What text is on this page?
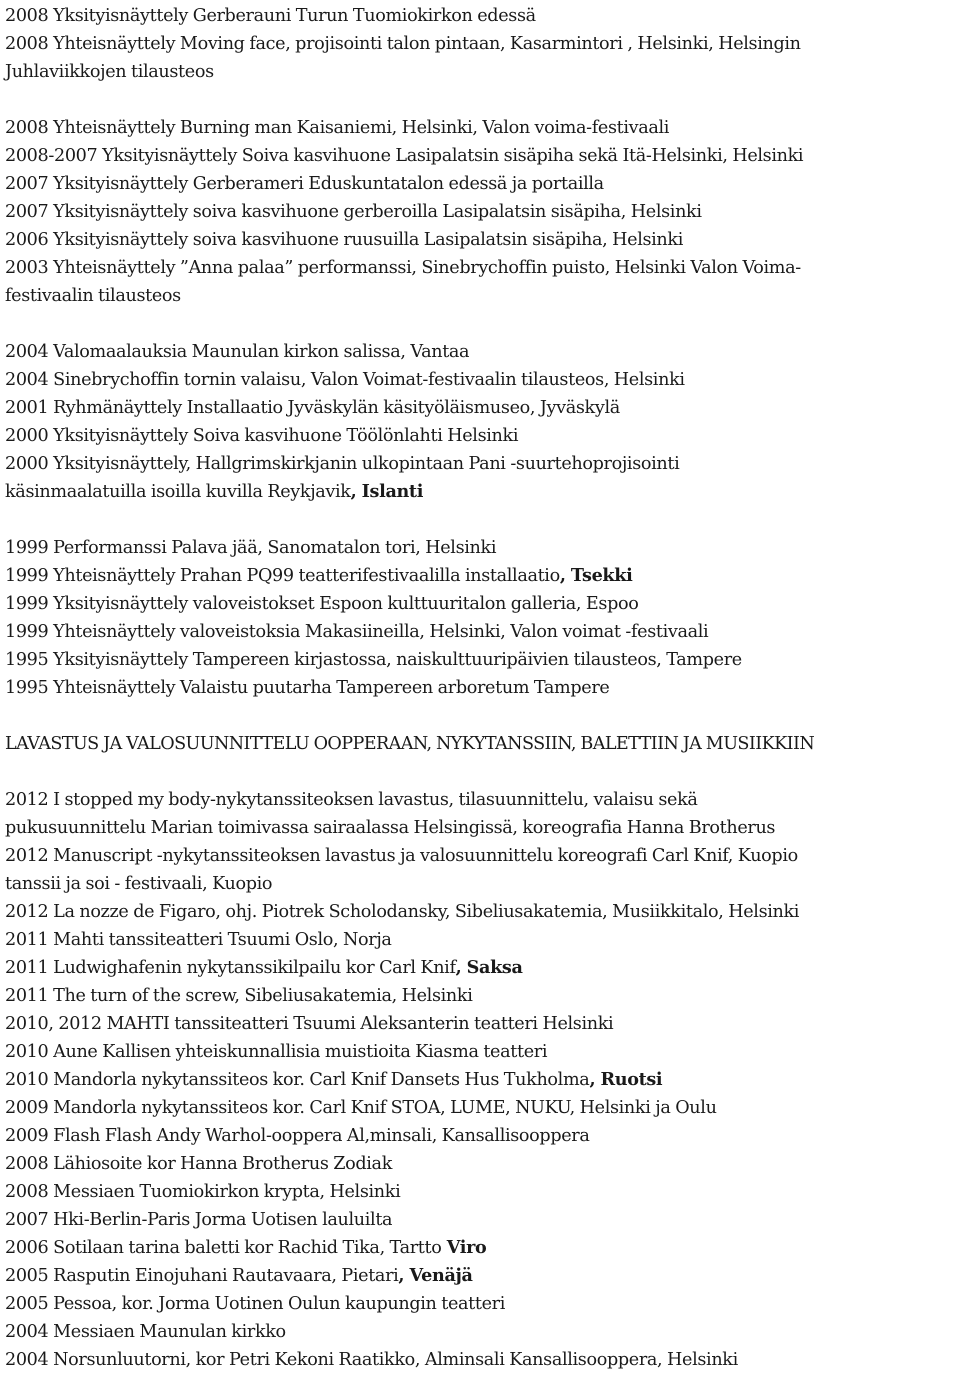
2008 Yksityisnäyttely Gerberauni Turun Tuomiokirkon edessä
2008 Yhteisnäyttely Moving face, projisointi talon pintaan, Kasarmintori , Helsinki, Helsingin
Juhlaviikkojen tilausteos
2008 Yhteisnäyttely Burning man Kaisaniemi, Helsinki, Valon voima-festivaali
2008-2007 Yksityisnäyttely Soiva kasvihuone Lasipalatsin sisäpiha sekä Itä-Helsinki, Helsinki
2007 Yksityisnäyttely Gerberameri Eduskuntatalon edessä ja portailla
2007 Yksityisnäyttely soiva kasvihuone gerberoilla Lasipalatsin sisäpiha, Helsinki
2006 Yksityisnäyttely soiva kasvihuone ruusuilla Lasipalatsin sisäpiha, Helsinki
2003 Yhteisnäyttely ”Anna palaa” performanssi, Sinebrychoffin puisto, Helsinki Valon Voima-
festivaalin tilausteos
2004 Valomaalauksia Maunulan kirkon salissa, Vantaa
2004 Sinebrychoffin tornin valaisu, Valon Voimat-festivaalin tilausteos, Helsinki
2001 Ryhmänäyttely Installaatio Jyväskylän käsityöläismuseo, Jyväskylä
2000 Yksityisnäyttely Soiva kasvihuone Töölönlahti Helsinki
2000 Yksityisnäyttely, Hallgrimskirkjanin ulkopintaan Pani -suurtehoprojisointi
käsinmaalatuilla isoilla kuvilla Reykjavik, Islanti
1999 Performanssi Palava jää, Sanomatalon tori, Helsinki
1999 Yhteisnäyttely Prahan PQ99 teatterifestivaalilla installaatio, Tsekki
1999 Yksityisnäyttely valoveistokset Espoon kulttuuritalon galleria, Espoo
1999 Yhteisnäyttely valoveistoksia Makasiineilla, Helsinki, Valon voimat -festivaali
1995 Yksityisnäyttely Tampereen kirjastossa, naiskulttuuripäivien tilausteos, Tampere
1995 Yhteisnäyttely Valaistu puutarha Tampereen arboretum Tampere
LAVASTUS JA VALOSUUNNITTELU OOPPERAAN, NYKYTANSSIIN, BALETTIIN JA MUSIIKKIIN
2012 I stopped my body-nykytanssiteoksen lavastus, tilasuunnittelu, valaisu sekä
pukusuunnittelu Marian toimivassa sairaalassa Helsingissä, koreografia Hanna Brotherus
2012 Manuscript -nykytanssiteoksen lavastus ja valosuunnittelu koreografi Carl Knif, Kuopio
tanssii ja soi - festivaali, Kuopio
2012 La nozze de Figaro, ohj. Piotrek Scholodansky, Sibeliusakatemia, Musiikkitalo, Helsinki
2011 Mahti tanssiteatteri Tsuumi Oslo, Norja
2011 Ludwighafenin nykytanssikilpailu kor Carl Knif, Saksa
2011 The turn of the screw, Sibeliusakatemia, Helsinki
2010, 2012 MAHTI tanssiteatteri Tsuumi Aleksanterin teatteri Helsinki
2010 Aune Kallisen yhteiskunnallisia muistioita Kiasma teatteri
2010 Mandorla nykytanssiteos kor. Carl Knif Dansets Hus Tukholma, Ruotsi
2009 Mandorla nykytanssiteos kor. Carl Knif STOA, LUME, NUKU, Helsinki ja Oulu
2009 Flash Flash Andy Warhol-ooppera Al,minsali, Kansallisooppera
2008 Lähiosoite kor Hanna Brotherus Zodiak
2008 Messiaen Tuomiokirkon krypta, Helsinki
2007 Hki-Berlin-Paris Jorma Uotisen lauluilta
2006 Sotilaan tarina baletti kor Rachid Tika, Tartto Viro
2005 Rasputin Einojuhani Rautavaara, Pietari, Venäjä
2005 Pessoa, kor. Jorma Uotinen Oulun kaupungin teatteri
2004 Messiaen Maunulan kirkko
2004 Norsunluutorni, kor Petri Kekoni Raatikko, Alminsali Kansallisooppera, Helsinki
